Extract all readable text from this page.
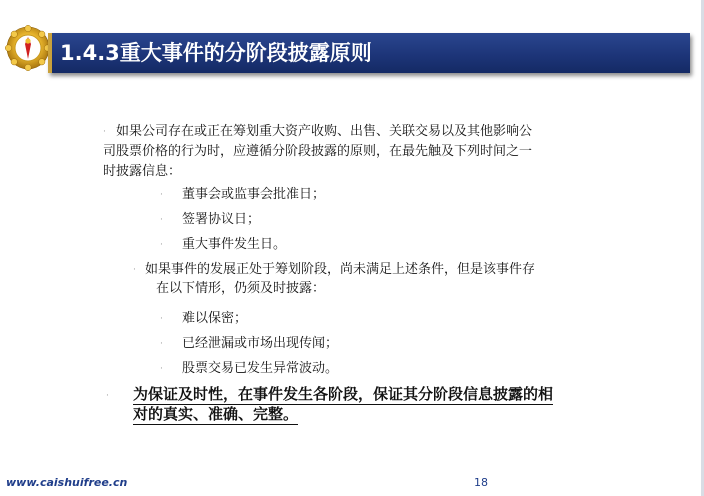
1.4.3重大事件的分阶段披露原则
· 如果公司存在或正在筹划重大资产收购、出售、关联交易以及其他影响公
司股票价格的行为时，应遵循分阶段披露的原则，在最先触及下列时间之一
时披露信息：
· 董事会或监事会批准日；
· 签署协议日；
· 重大事件发生日。
· 如果事件的发展正处于筹划阶段，尚未满足上述条件，但是该事件存
在以下情形，仍须及时披露：
· 难以保密；
· 已经泄漏或市场出现传闻；
· 股票交易已发生异常波动。
· 为保证及时性，在事件发生各阶段，保证其分阶段信息披露的相
对的真实、准确、完整。
www.caishuifree.cn	18
